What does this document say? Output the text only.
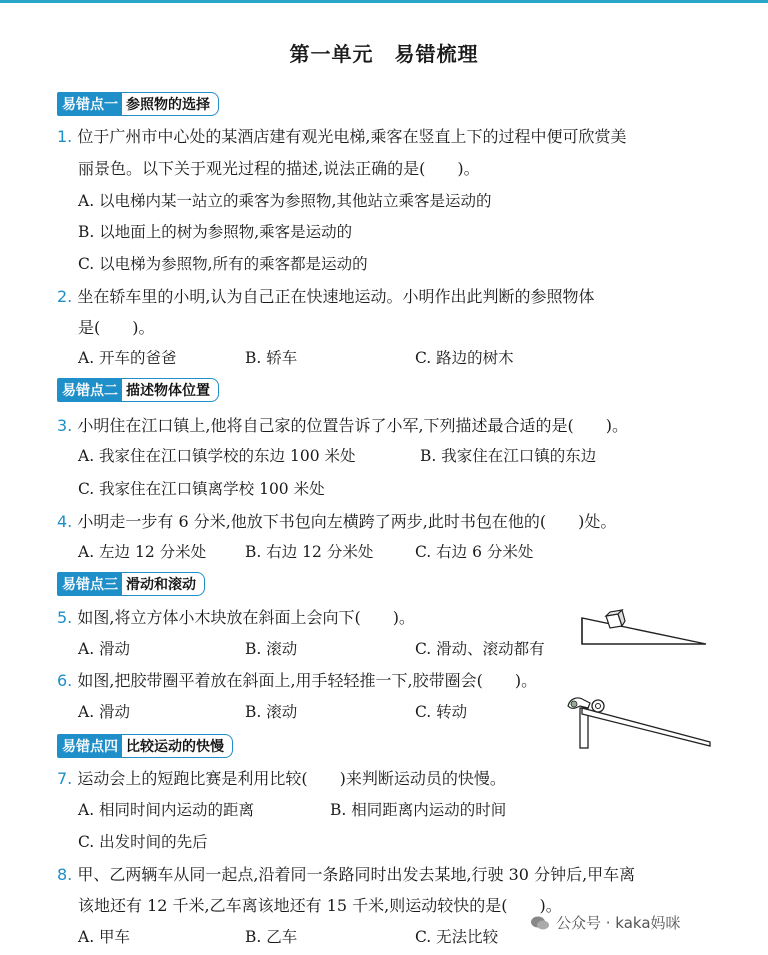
第一单元　易错梳理
易错点一 参照物的选择
1. 位于广州市中心处的某酒店建有观光电梯,乘客在竖直上下的过程中便可欣赏美
丽景色。以下关于观光过程的描述,说法正确的是(　　)。
A. 以电梯内某一站立的乘客为参照物,其他站立乘客是运动的
B. 以地面上的树为参照物,乘客是运动的
C. 以电梯为参照物,所有的乘客都是运动的
2. 坐在轿车里的小明,认为自己正在快速地运动。小明作出此判断的参照物体
是(　　)。
A. 开车的爸爸	B. 轿车	C. 路边的树木
易错点二 描述物体位置
3. 小明住在江口镇上,他将自己家的位置告诉了小军,下列描述最合适的是(　　)。
A. 我家住在江口镇学校的东边 100 米处	B. 我家住在江口镇的东边
C. 我家住在江口镇离学校 100 米处
4. 小明走一步有 6 分米,他放下书包向左横跨了两步,此时书包在他的(　　)处。
A. 左边 12 分米处	B. 右边 12 分米处	C. 右边 6 分米处
易错点三 滑动和滚动
5. 如图,将立方体小木块放在斜面上会向下(　　)。
A. 滑动	B. 滚动	C. 滑动、滚动都有
6. 如图,把胶带圈平着放在斜面上,用手轻轻推一下,胶带圈会(　　)。
A. 滑动	B. 滚动	C. 转动
易错点四 比较运动的快慢
7. 运动会上的短跑比赛是利用比较(　　)来判断运动员的快慢。
A. 相同时间内运动的距离	B. 相同距离内运动的时间
C. 出发时间的先后
8. 甲、乙两辆车从同一起点,沿着同一条路同时出发去某地,行驶 30 分钟后,甲车离
该地还有 12 千米,乙车离该地还有 15 千米,则运动较快的是(　　)。
A. 甲车	B. 乙车	C. 无法比较
公众号 · kaka妈咪
